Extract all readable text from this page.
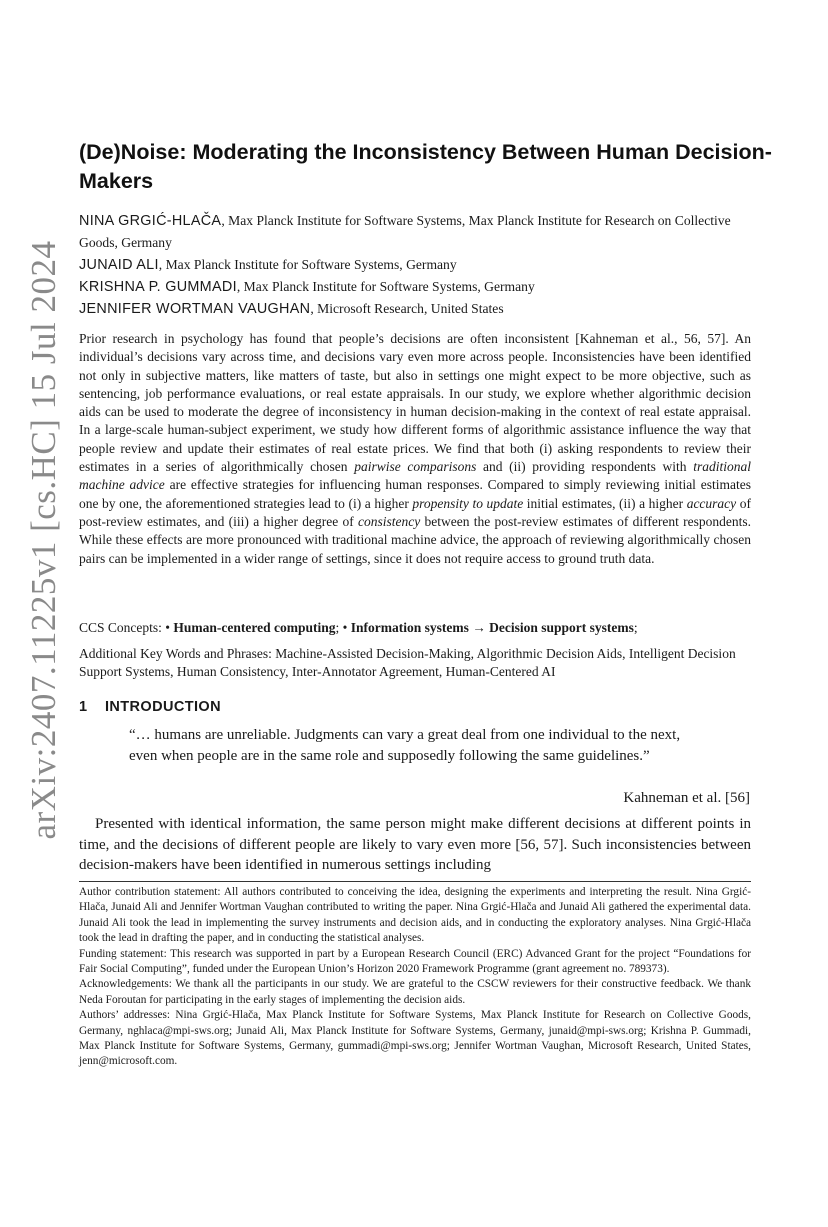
arXiv:2407.11225v1 [cs.HC] 15 Jul 2024
(De)Noise: Moderating the Inconsistency Between Human Decision-Makers

NINA GRGIĆ-HLAČA, Max Planck Institute for Software Systems, Max Planck Institute for Research on Collective Goods, Germany

JUNAID ALI, Max Planck Institute for Software Systems, Germany

KRISHNA P. GUMMADI, Max Planck Institute for Software Systems, Germany

JENNIFER WORTMAN VAUGHAN, Microsoft Research, United States

Prior research in psychology has found that people’s decisions are often inconsistent [Kahneman et al., 56, 57]. An individual’s decisions vary across time, and decisions vary even more across people. Inconsistencies have been identified not only in subjective matters, like matters of taste, but also in settings one might expect to be more objective, such as sentencing, job performance evaluations, or real estate appraisals. In our study, we explore whether algorithmic decision aids can be used to moderate the degree of inconsistency in human decision-making in the context of real estate appraisal. In a large-scale human-subject experiment, we study how different forms of algorithmic assistance influence the way that people review and update their estimates of real estate prices. We find that both (i) asking respondents to review their estimates in a series of algorithmically chosen pairwise comparisons and (ii) providing respondents with traditional machine advice are effective strategies for influencing human responses. Compared to simply reviewing initial estimates one by one, the aforementioned strategies lead to (i) a higher propensity to update initial estimates, (ii) a higher accuracy of post-review estimates, and (iii) a higher degree of consistency between the post-review estimates of different respondents. While these effects are more pronounced with traditional machine advice, the approach of reviewing algorithmically chosen pairs can be implemented in a wider range of settings, since it does not require access to ground truth data.

CCS Concepts: • Human-centered computing; • Information systems → Decision support systems;

Additional Key Words and Phrases: Machine-Assisted Decision-Making, Algorithmic Decision Aids, Intelligent Decision Support Systems, Human Consistency, Inter-Annotator Agreement, Human-Centered AI

1 INTRODUCTION

“… humans are unreliable. Judgments can vary a great deal from one individual to the next, even when people are in the same role and supposedly following the same guidelines.”

Kahneman et al. [56]

Presented with identical information, the same person might make different decisions at different points in time, and the decisions of different people are likely to vary even more [56, 57]. Such inconsistencies between decision-makers have been identified in numerous settings including

Author contribution statement: All authors contributed to conceiving the idea, designing the experiments and interpreting the result. Nina Grgić-Hlača, Junaid Ali and Jennifer Wortman Vaughan contributed to writing the paper. Nina Grgić-Hlača and Junaid Ali gathered the experimental data. Junaid Ali took the lead in implementing the survey instruments and decision aids, and in conducting the exploratory analyses. Nina Grgić-Hlača took the lead in drafting the paper, and in conducting the statistical analyses.

Funding statement: This research was supported in part by a European Research Council (ERC) Advanced Grant for the project “Foundations for Fair Social Computing”, funded under the European Union’s Horizon 2020 Framework Programme (grant agreement no. 789373).

Acknowledgements: We thank all the participants in our study. We are grateful to the CSCW reviewers for their constructive feedback. We thank Neda Foroutan for participating in the early stages of implementing the decision aids.

Authors’ addresses: Nina Grgić-Hlača, Max Planck Institute for Software Systems, Max Planck Institute for Research on Collective Goods, Germany, nghlaca@mpi-sws.org; Junaid Ali, Max Planck Institute for Software Systems, Germany, junaid@mpi-sws.org; Krishna P. Gummadi, Max Planck Institute for Software Systems, Germany, gummadi@mpi-sws.org; Jennifer Wortman Vaughan, Microsoft Research, United States, jenn@microsoft.com.
